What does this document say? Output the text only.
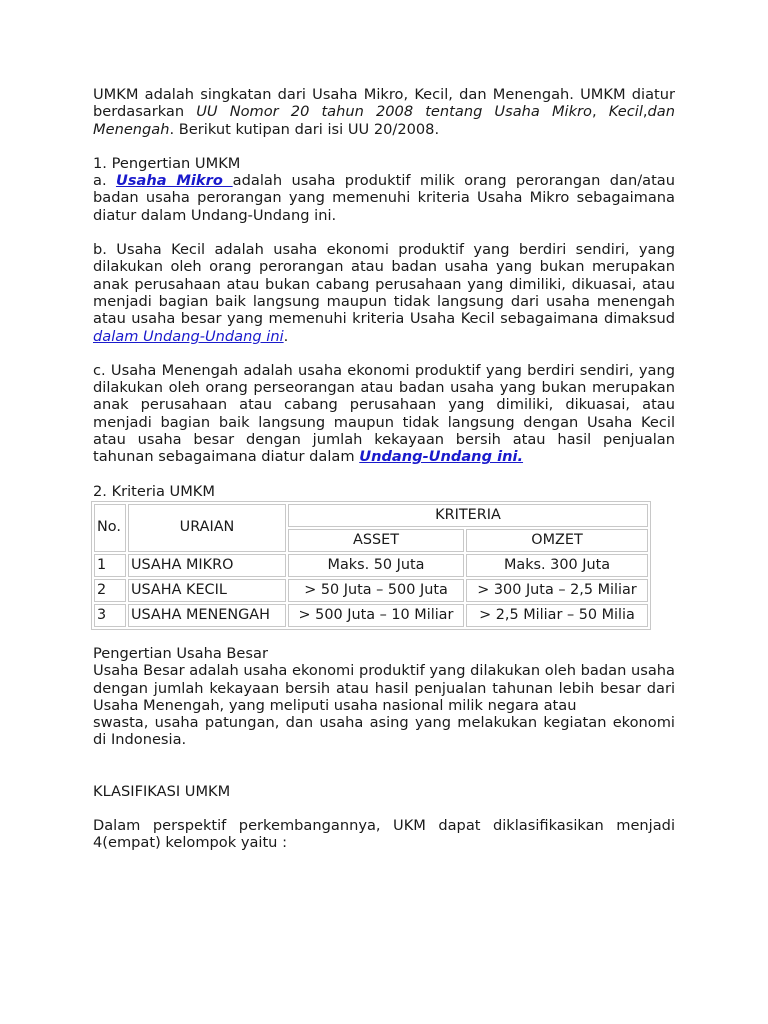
UMKM adalah singkatan dari Usaha Mikro, Kecil, dan Menengah. UMKM diatur berdasarkan UU Nomor 20 tahun 2008 tentang Usaha Mikro, Kecil,dan Menengah. Berikut kutipan dari isi UU 20/2008.

1. Pengertian UMKM

a. Usaha Mikro adalah usaha produktif milik orang perorangan dan/atau badan usaha perorangan yang memenuhi kriteria Usaha Mikro sebagaimana diatur dalam Undang-Undang ini.

b. Usaha Kecil adalah usaha ekonomi produktif yang berdiri sendiri, yang dilakukan oleh orang perorangan atau badan usaha yang bukan merupakan anak perusahaan atau bukan cabang perusahaan yang dimiliki, dikuasai, atau menjadi bagian baik langsung maupun tidak langsung dari usaha menengah atau usaha besar yang memenuhi kriteria Usaha Kecil sebagaimana dimaksud dalam Undang-Undang ini.

c. Usaha Menengah adalah usaha ekonomi produktif yang berdiri sendiri, yang dilakukan oleh orang perseorangan atau badan usaha yang bukan merupakan anak perusahaan atau cabang perusahaan yang dimiliki, dikuasai, atau menjadi bagian baik langsung maupun tidak langsung dengan Usaha Kecil atau usaha besar dengan jumlah kekayaan bersih atau hasil penjualan tahunan sebagaimana diatur dalam Undang-Undang ini.

2. Kriteria UMKM

No.	URAIAN	KRITERIA	
		ASSET	OMZET
1	USAHA MIKRO	Maks. 50 Juta	Maks. 300 Juta
2	USAHA KECIL	> 50 Juta – 500 Juta	> 300 Juta – 2,5 Miliar
3	USAHA MENENGAH	> 500 Juta – 10 Miliar	> 2,5 Miliar – 50 Milia

Pengertian Usaha Besar

Usaha Besar adalah usaha ekonomi produktif yang dilakukan oleh badan usaha dengan jumlah kekayaan bersih atau hasil penjualan tahunan lebih besar dari Usaha Menengah, yang meliputi usaha nasional milik negara atau

swasta, usaha patungan, dan usaha asing yang melakukan kegiatan ekonomi di Indonesia.

KLASIFIKASI UMKM

Dalam perspektif perkembangannya, UKM dapat diklasifikasikan menjadi 4(empat) kelompok yaitu :
